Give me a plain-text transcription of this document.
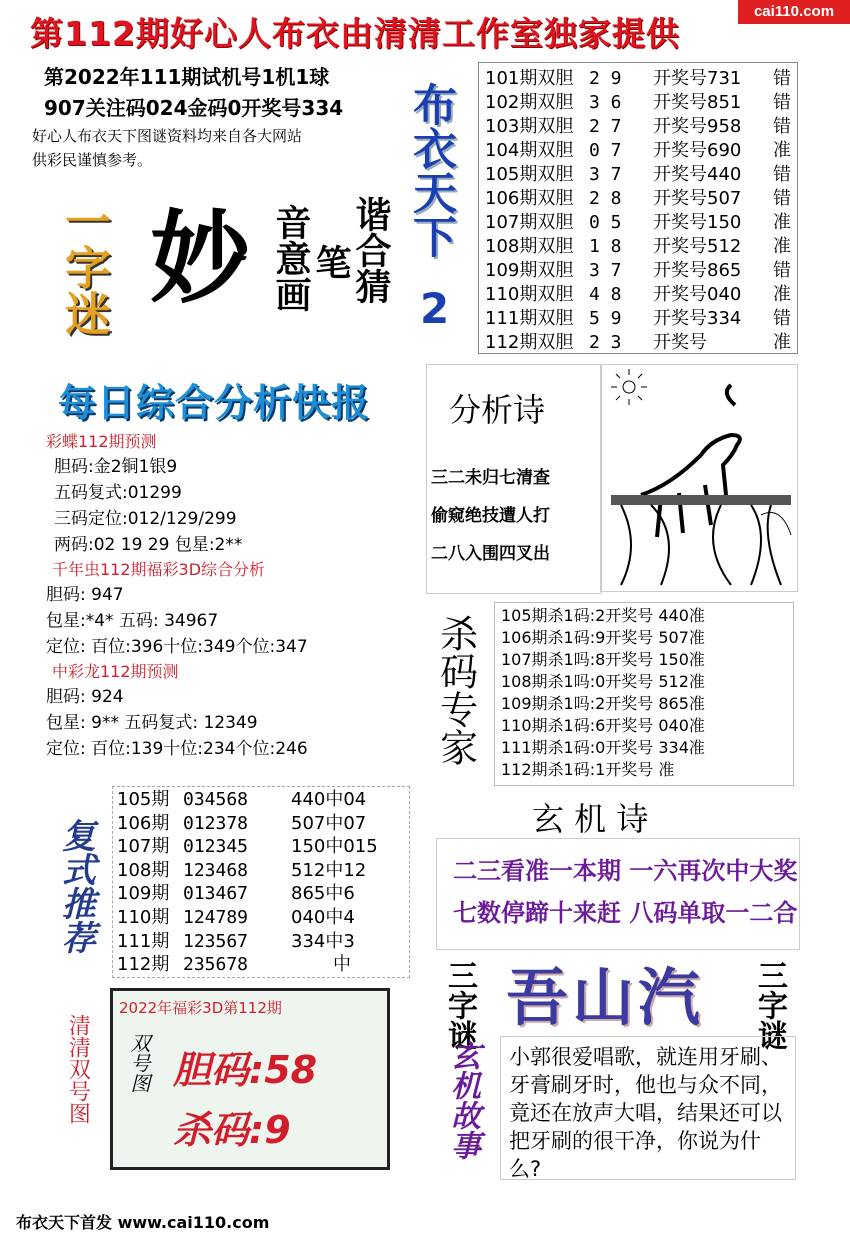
第112期好心人布衣由清清工作室独家提供
cai110.com
第2022年111期试机号1机1球
907关注码024金码0开奖号334
好心人布衣天下图谜资料均来自各大网站
供彩民谨慎参考。
一字迷 妙	谐合猜
笔
音意画 布衣天下
2
101期双胆 2 9	开奖号731	错
102期双胆 3 6	开奖号851	错
103期双胆 2 7	开奖号958	错
104期双胆 0 7	开奖号690	准
105期双胆 3 7	开奖号440	错
106期双胆 2 8	开奖号507	错
107期双胆 0 5	开奖号150	准
108期双胆 1 8	开奖号512	准
109期双胆 3 7	开奖号865	错
110期双胆 4 8	开奖号040	准
111期双胆 5 9	开奖号334	错
112期双胆 2 3	开奖号	准
每日综合分析快报
彩蝶112期预测
胆码:金2铜1银9
五码复式:01299
三码定位:012/129/299
两码:02 19 29 包星:2**
千年虫112期福彩3D综合分析
胆码: 947
包星:*4* 五码: 34967
定位: 百位:396十位:349个位:347
中彩龙112期预测
胆码: 924
包星: 9** 五码复式: 12349
定位: 百位:139十位:234个位:246
分析诗
三二未归七清查
偷窥绝技遭人打
二八入围四叉出
杀码专家 105期杀1码:2开奖号 440准
106期杀1码:9开奖号 507准
107期杀1吗:8开奖号 150准
108期杀1吗:0开奖号 512准
109期杀1吗:2开奖号 865准
110期杀1码:6开奖号 040准
111期杀1码:0开奖号 334准
112期杀1码:1开奖号 准
复式推荐
105期 034568	440中04
106期 012378	507中07
107期 012345	150中015
108期 123468	512中12
109期 013467	865中6
110期 124789	040中4
111期 123567	334中3
112期 235678	中
玄 机 诗
二三看准一本期 一六再次中大奖
七数停蹄十来赶 八码单取一二合
三字谜 吾山汽 三字谜
玄机故事	小郭很爱唱歌，就连用牙刷、牙膏刷牙时，他也与众不同，竟还在放声大唱，结果还可以把牙刷的很干净，你说为什么?
清清双号图
2022年福彩3D第112期
双号图 胆码:58
杀码:9
布衣天下首发 www.cai110.com
